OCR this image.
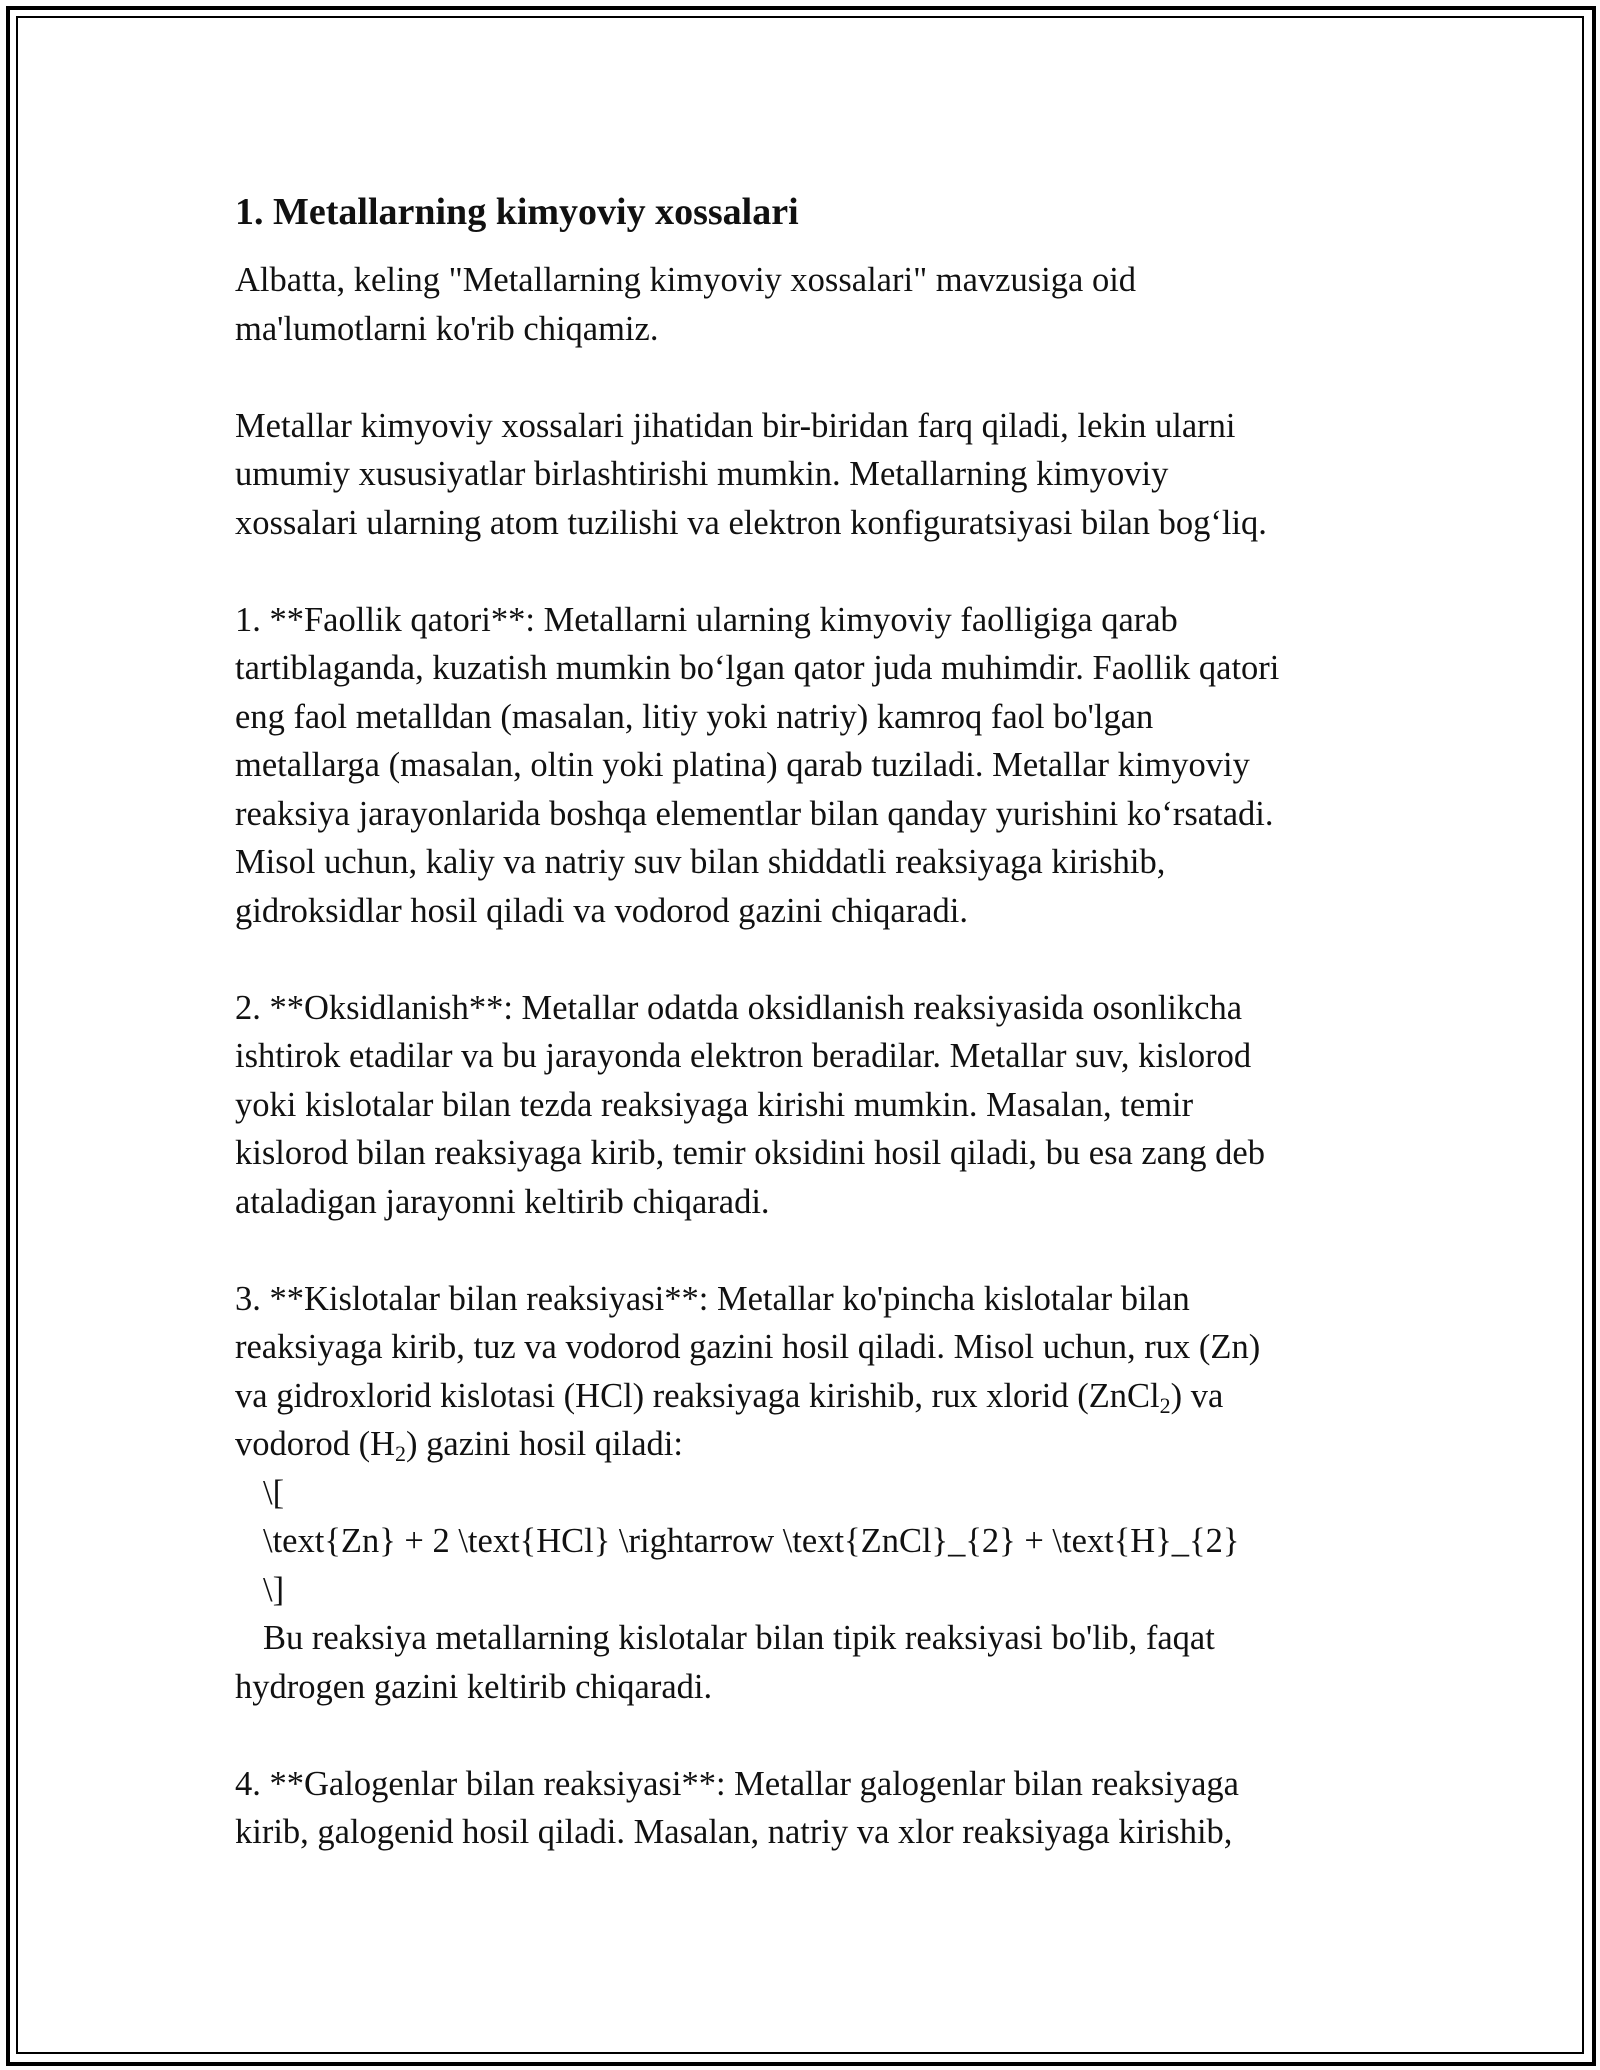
1. Metallarning kimyoviy xossalari

Albatta, keling "Metallarning kimyoviy xossalari" mavzusiga oid
ma'lumotlarni ko'rib chiqamiz.

Metallar kimyoviy xossalari jihatidan bir-biridan farq qiladi, lekin ularni
umumiy xususiyatlar birlashtirishi mumkin. Metallarning kimyoviy
xossalari ularning atom tuzilishi va elektron konfiguratsiyasi bilan bog‘liq.

1. **Faollik qatori**: Metallarni ularning kimyoviy faolligiga qarab
tartiblaganda, kuzatish mumkin bo‘lgan qator juda muhimdir. Faollik qatori
eng faol metalldan (masalan, litiy yoki natriy) kamroq faol bo'lgan
metallarga (masalan, oltin yoki platina) qarab tuziladi. Metallar kimyoviy
reaksiya jarayonlarida boshqa elementlar bilan qanday yurishini ko‘rsatadi.
Misol uchun, kaliy va natriy suv bilan shiddatli reaksiyaga kirishib,
gidroksidlar hosil qiladi va vodorod gazini chiqaradi.

2. **Oksidlanish**: Metallar odatda oksidlanish reaksiyasida osonlikcha
ishtirok etadilar va bu jarayonda elektron beradilar. Metallar suv, kislorod
yoki kislotalar bilan tezda reaksiyaga kirishi mumkin. Masalan, temir
kislorod bilan reaksiyaga kirib, temir oksidini hosil qiladi, bu esa zang deb
ataladigan jarayonni keltirib chiqaradi.

3. **Kislotalar bilan reaksiyasi**: Metallar ko'pincha kislotalar bilan
reaksiyaga kirib, tuz va vodorod gazini hosil qiladi. Misol uchun, rux (Zn)
va gidroxlorid kislotasi (HCl) reaksiyaga kirishib, rux xlorid (ZnCl$_2$) va
vodorod $(H_2)$ gazini hosil qiladi:
\[
\text{Zn} + 2 \text{HCl} \rightarrow \text{ZnCl}_{2} + \text{H}_{2}
\]
Bu reaksiya metallarning kislotalar bilan tipik reaksiyasi bo'lib, faqat
hydrogen gazini keltirib chiqaradi.

4. **Galogenlar bilan reaksiyasi**: Metallar galogenlar bilan reaksiyaga
kirib, galogenid hosil qiladi. Masalan, natriy va xlor reaksiyaga kirishib,
